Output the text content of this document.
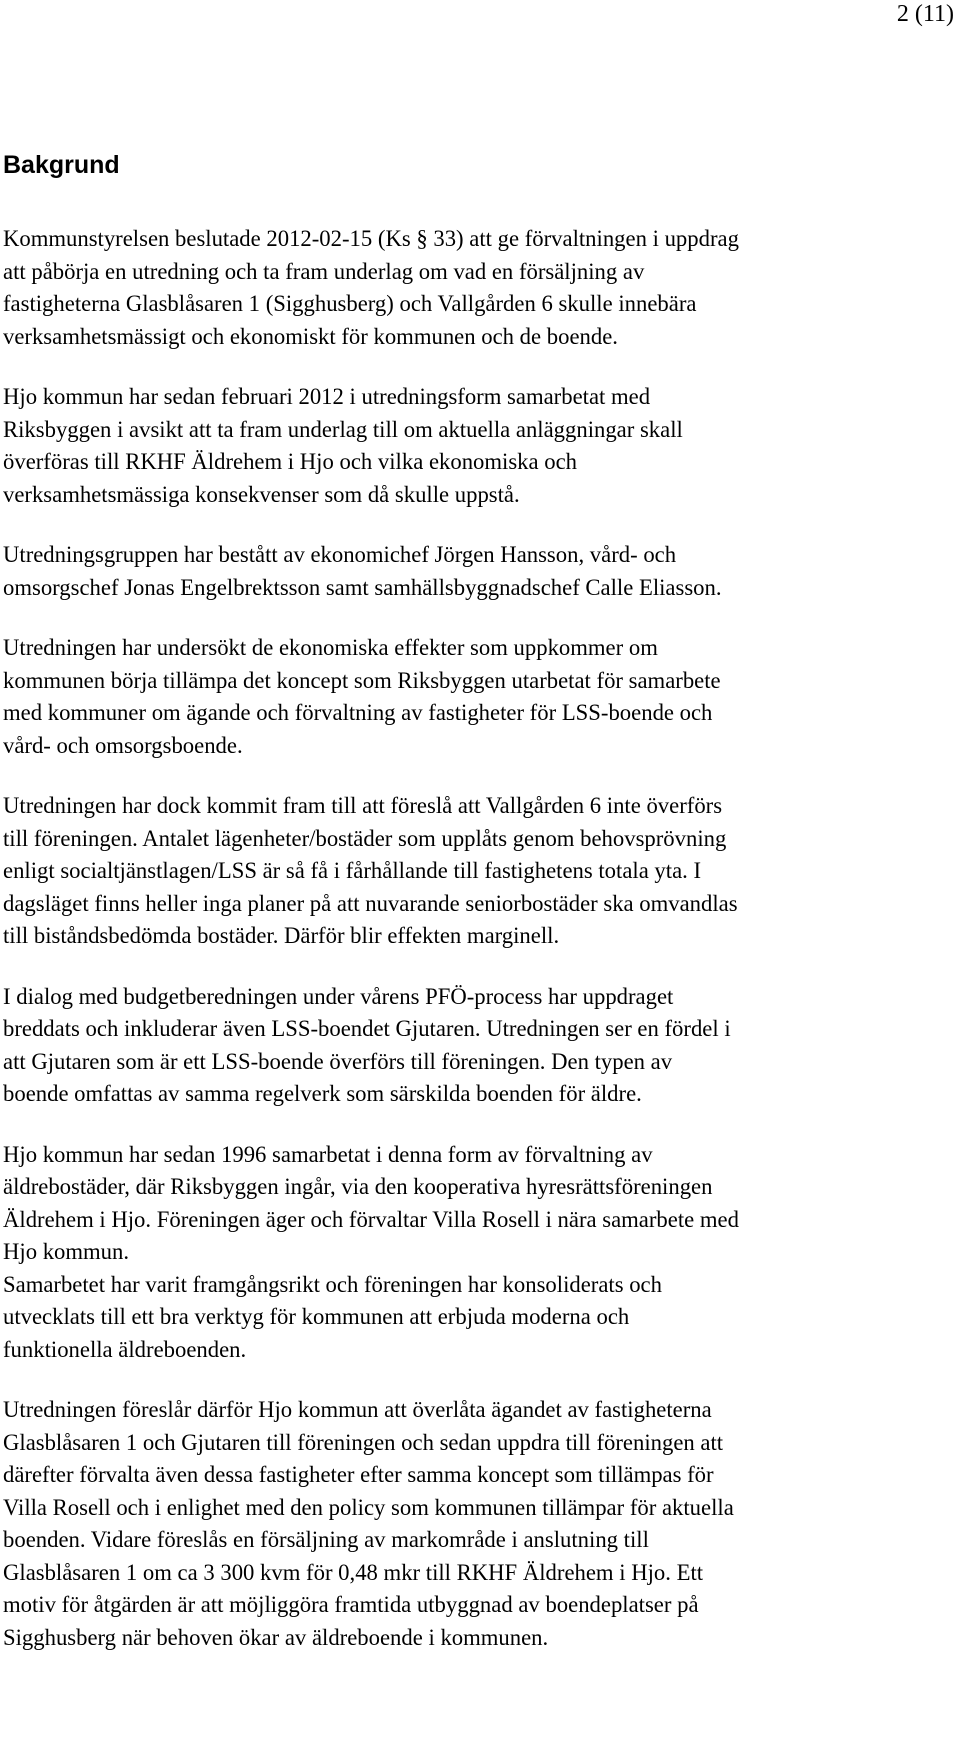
2 (11)

Bakgrund

Kommunstyrelsen beslutade 2012-02-15 (Ks § 33) att ge förvaltningen i uppdrag
att påbörja en utredning och ta fram underlag om vad en försäljning av
fastigheterna Glasblåsaren 1 (Sigghusberg) och Vallgården 6 skulle innebära
verksamhetsmässigt och ekonomiskt för kommunen och de boende.

Hjo kommun har sedan februari 2012 i utredningsform samarbetat med
Riksbyggen i avsikt att ta fram underlag till om aktuella anläggningar skall
överföras till RKHF Äldrehem i Hjo och vilka ekonomiska och
verksamhetsmässiga konsekvenser som då skulle uppstå.

Utredningsgruppen har bestått av ekonomichef Jörgen Hansson, vård- och
omsorgschef Jonas Engelbrektsson samt samhällsbyggnadschef Calle Eliasson.

Utredningen har undersökt de ekonomiska effekter som uppkommer om
kommunen börja tillämpa det koncept som Riksbyggen utarbetat för samarbete
med kommuner om ägande och förvaltning av fastigheter för LSS-boende och
vård- och omsorgsboende.

Utredningen har dock kommit fram till att föreslå att Vallgården 6 inte överförs
till föreningen. Antalet lägenheter/bostäder som upplåts genom behovsprövning
enligt socialtjänstlagen/LSS är så få i fårhållande till fastighetens totala yta. I
dagsläget finns heller inga planer på att nuvarande seniorbostäder ska omvandlas
till biståndsbedömda bostäder. Därför blir effekten marginell.

I dialog med budgetberedningen under vårens PFÖ-process har uppdraget
breddats och inkluderar även LSS-boendet Gjutaren. Utredningen ser en fördel i
att Gjutaren som är ett LSS-boende överförs till föreningen. Den typen av
boende omfattas av samma regelverk som särskilda boenden för äldre.

Hjo kommun har sedan 1996 samarbetat i denna form av förvaltning av
äldrebostäder, där Riksbyggen ingår, via den kooperativa hyresrättsföreningen
Äldrehem i Hjo. Föreningen äger och förvaltar Villa Rosell i nära samarbete med
Hjo kommun.

Samarbetet har varit framgångsrikt och föreningen har konsoliderats och
utvecklats till ett bra verktyg för kommunen att erbjuda moderna och
funktionella äldreboenden.

Utredningen föreslår därför Hjo kommun att överlåta ägandet av fastigheterna
Glasblåsaren 1 och Gjutaren till föreningen och sedan uppdra till föreningen att
därefter förvalta även dessa fastigheter efter samma koncept som tillämpas för
Villa Rosell och i enlighet med den policy som kommunen tillämpar för aktuella
boenden. Vidare föreslås en försäljning av markområde i anslutning till
Glasblåsaren 1 om ca 3 300 kvm för 0,48 mkr till RKHF Äldrehem i Hjo. Ett
motiv för åtgärden är att möjliggöra framtida utbyggnad av boendeplatser på
Sigghusberg när behoven ökar av äldreboende i kommunen.
